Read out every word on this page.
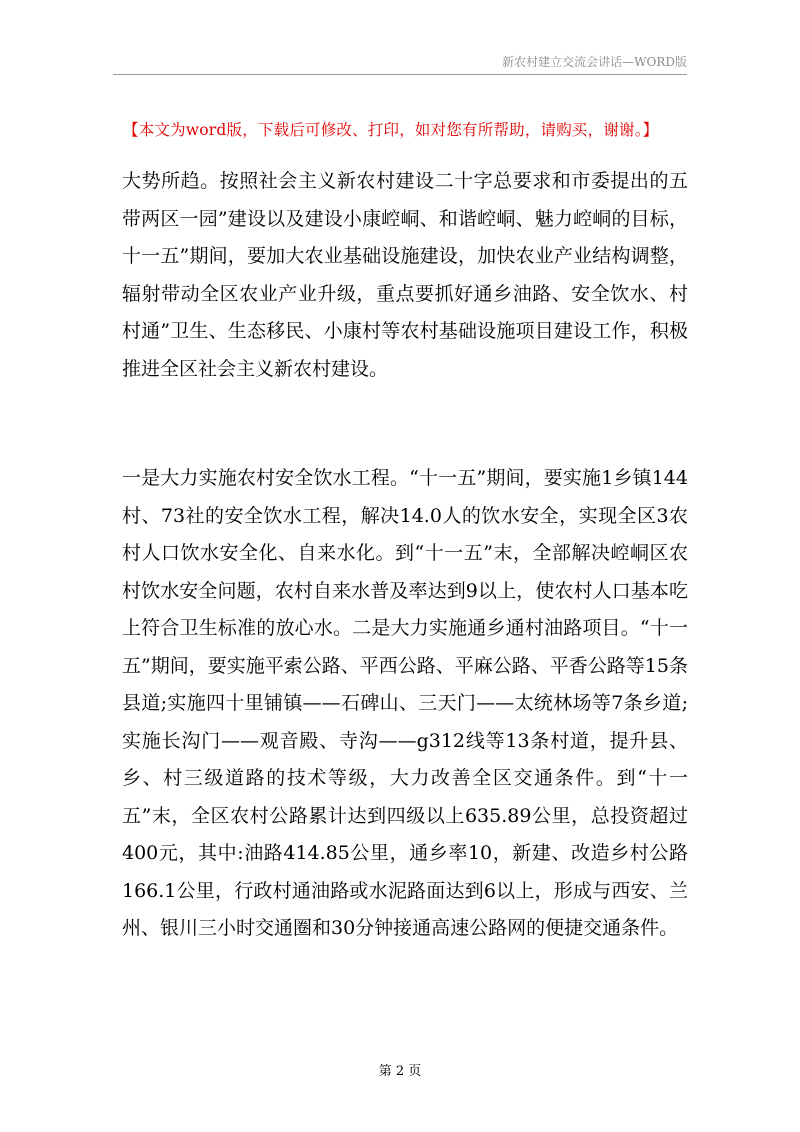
新农村建立交流会讲话—WORD版
【本文为word版，下载后可修改、打印，如对您有所帮助，请购买，谢谢。】
大势所趋。按照社会主义新农村建设二十字总要求和市委提出的五带两区一园”建设以及建设小康崆峒、和谐崆峒、魅力崆峒的目标，十一五”期间，要加大农业基础设施建设，加快农业产业结构调整，辐射带动全区农业产业升级，重点要抓好通乡油路、安全饮水、村村通”卫生、生态移民、小康村等农村基础设施项目建设工作，积极推进全区社会主义新农村建设。
一是大力实施农村安全饮水工程。“十一五”期间，要实施1乡镇144村、73社的安全饮水工程，解决14.0人的饮水安全，实现全区3农村人口饮水安全化、自来水化。到“十一五”末，全部解决崆峒区农村饮水安全问题，农村自来水普及率达到9以上，使农村人口基本吃上符合卫生标准的放心水。二是大力实施通乡通村油路项目。“十一五”期间，要实施平索公路、平西公路、平麻公路、平香公路等15条县道;实施四十里铺镇——石碑山、三天门——太统林场等7条乡道;实施长沟门——观音殿、寺沟——g312线等13条村道，提升县、乡、村三级道路的技术等级，大力改善全区交通条件。到“十一五”末，全区农村公路累计达到四级以上635.89公里，总投资超过400元，其中:油路414.85公里，通乡率10，新建、改造乡村公路166.1公里，行政村通油路或水泥路面达到6以上，形成与西安、兰州、银川三小时交通圈和30分钟接通高速公路网的便捷交通条件。
第 2 页
